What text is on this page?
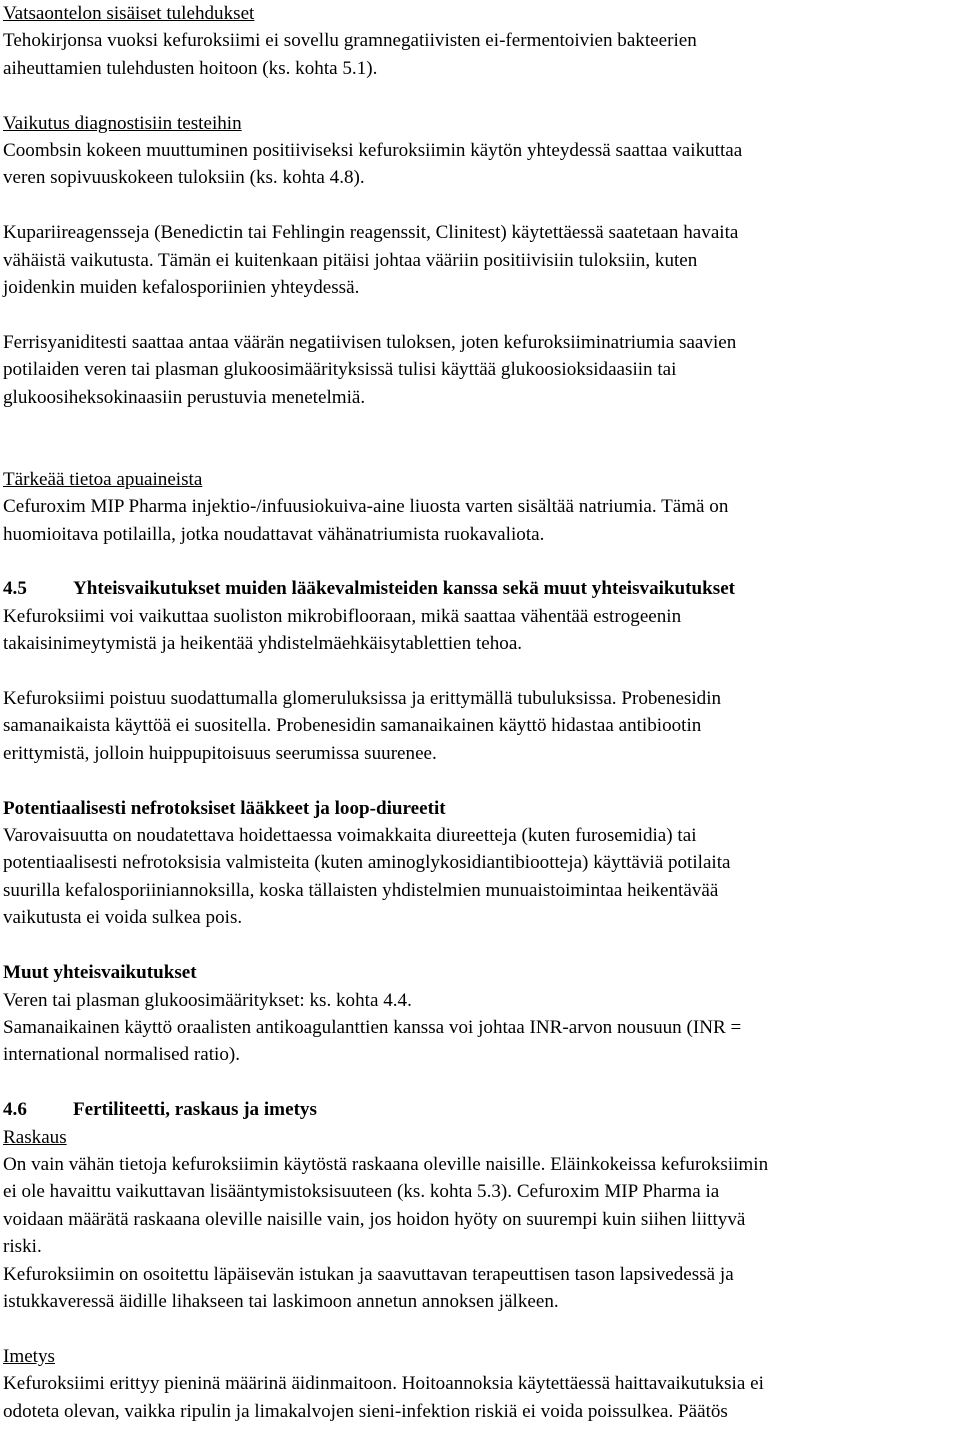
Vatsaontelon sisäiset tulehdukset
Tehokirjonsa vuoksi kefuroksiimi ei sovellu gramnegatiivisten ei-fermentoivien bakteerien
aiheuttamien tulehdusten hoitoon (ks. kohta 5.1).
Vaikutus diagnostisiin testeihin
Coombsin kokeen muuttuminen positiiviseksi kefuroksiimin käytön yhteydessä saattaa vaikuttaa
veren sopivuuskokeen tuloksiin (ks. kohta 4.8).
Kupariireagensseja (Benedictin tai Fehlingin reagenssit, Clinitest) käytettäessä saatetaan havaita
vähäistä vaikutusta. Tämän ei kuitenkaan pitäisi johtaa vääriin positiivisiin tuloksiin, kuten
joidenkin muiden kefalosporiinien yhteydessä.
Ferrisyaniditesti saattaa antaa väärän negatiivisen tuloksen, joten kefuroksiiminatriumia saavien
potilaiden veren tai plasman glukoosimäärityksissä tulisi käyttää glukoosioksidaasiin tai
glukoosiheksokinaasiin perustuvia menetelmiä.
Tärkeää tietoa apuaineista
Cefuroxim MIP Pharma injektio-/infuusiokuiva-aine liuosta varten sisältää natriumia. Tämä on
huomioitava potilailla, jotka noudattavat vähänatriumista ruokavaliota.
4.5 Yhteisvaikutukset muiden lääkevalmisteiden kanssa sekä muut yhteisvaikutukset
Kefuroksiimi voi vaikuttaa suoliston mikrobiflooraan, mikä saattaa vähentää estrogeenin
takaisinimeytymistä ja heikentää yhdistelmäehkäisytablettien tehoa.
Kefuroksiimi poistuu suodattumalla glomeruluksissa ja erittymällä tubuluksissa. Probenesidin
samanaikaista käyttöä ei suositella. Probenesidin samanaikainen käyttö hidastaa antibiootin
erittymistä, jolloin huippupitoisuus seerumissa suurenee.
Potentiaalisesti nefrotoksiset lääkkeet ja loop-diureetit
Varovaisuutta on noudatettava hoidettaessa voimakkaita diureetteja (kuten furosemidia) tai
potentiaalisesti nefrotoksisia valmisteita (kuten aminoglykosidiantibiootteja) käyttäviä potilaita
suurilla kefalosporiiniannoksilla, koska tällaisten yhdistelmien munuaistoimintaa heikentävää
vaikutusta ei voida sulkea pois.
Muut yhteisvaikutukset
Veren tai plasman glukoosimääritykset: ks. kohta 4.4.
Samanaikainen käyttö oraalisten antikoagulanttien kanssa voi johtaa INR-arvon nousuun (INR =
international normalised ratio).
4.6 Fertiliteetti, raskaus ja imetys
Raskaus
On vain vähän tietoja kefuroksiimin käytöstä raskaana oleville naisille. Eläinkokeissa kefuroksiimin
ei ole havaittu vaikuttavan lisääntymistoksisuuteen (ks. kohta 5.3). Cefuroxim MIP Pharma ia
voidaan määrätä raskaana oleville naisille vain, jos hoidon hyöty on suurempi kuin siihen liittyvä
riski.
Kefuroksiimin on osoitettu läpäisevän istukan ja saavuttavan terapeuttisen tason lapsivedessä ja
istukkaveressä äidille lihakseen tai laskimoon annetun annoksen jälkeen.
Imetys
Kefuroksiimi erittyy pieninä määrinä äidinmaitoon. Hoitoannoksia käytettäessä haittavaikutuksia ei
odoteta olevan, vaikka ripulin ja limakalvojen sieni-infektion riskiä ei voida poissulkea. Päätös
